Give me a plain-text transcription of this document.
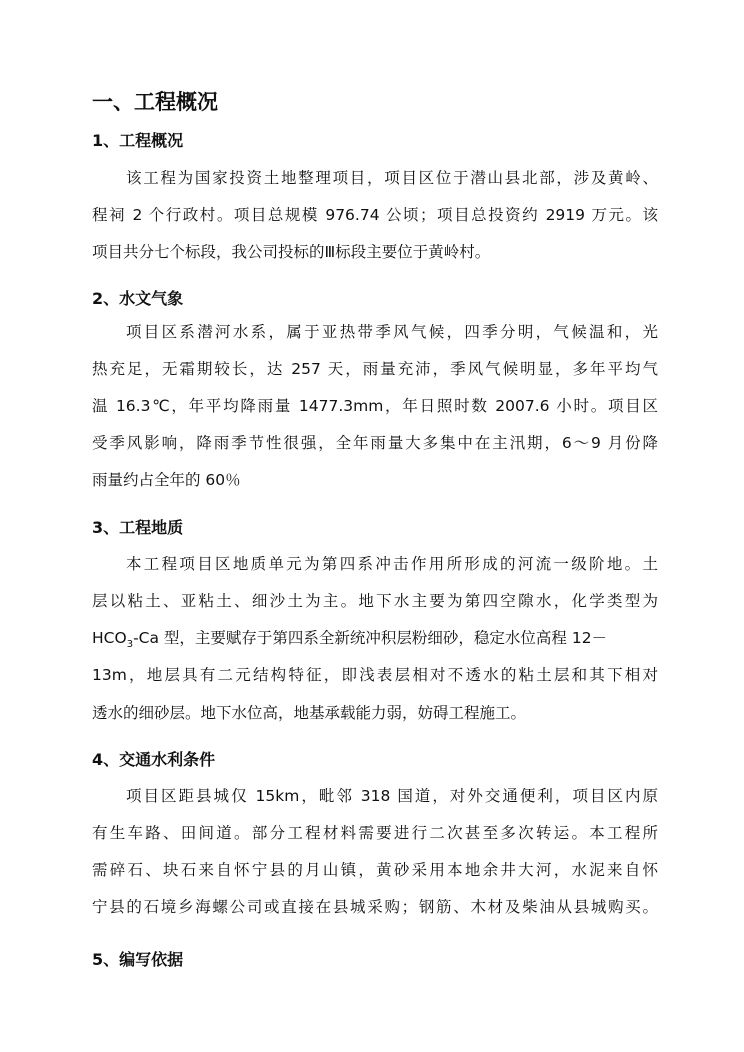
一、工程概况
1、工程概况
该工程为国家投资土地整理项目，项目区位于潜山县北部，涉及黄岭、
程祠 2 个行政村。项目总规模 976.74 公顷；项目总投资约 2919 万元。该
项目共分七个标段，我公司投标的Ⅲ标段主要位于黄岭村。
2、水文气象
项目区系潜河水系，属于亚热带季风气候，四季分明，气候温和，光
热充足，无霜期较长，达 257 天，雨量充沛，季风气候明显，多年平均气
温 16.3℃，年平均降雨量 1477.3mm，年日照时数 2007.6 小时。项目区
受季风影响，降雨季节性很强，全年雨量大多集中在主汛期，6～9 月份降
雨量约占全年的 60％
3、工程地质
本工程项目区地质单元为第四系冲击作用所形成的河流一级阶地。土
层以粘土、亚粘土、细沙土为主。地下水主要为第四空隙水，化学类型为
$HCO_3-Ca$ 型，主要赋存于第四系全新统冲积层粉细砂，稳定水位高程 12－
13m，地层具有二元结构特征，即浅表层相对不透水的粘土层和其下相对
透水的细砂层。地下水位高，地基承载能力弱，妨碍工程施工。
4、交通水利条件
项目区距县城仅 15km，毗邻 318 国道，对外交通便利，项目区内原
有生车路、田间道。部分工程材料需要进行二次甚至多次转运。本工程所
需碎石、块石来自怀宁县的月山镇，黄砂采用本地余井大河，水泥来自怀
宁县的石境乡海螺公司或直接在县城采购；钢筋、木材及柴油从县城购买。
5、编写依据
